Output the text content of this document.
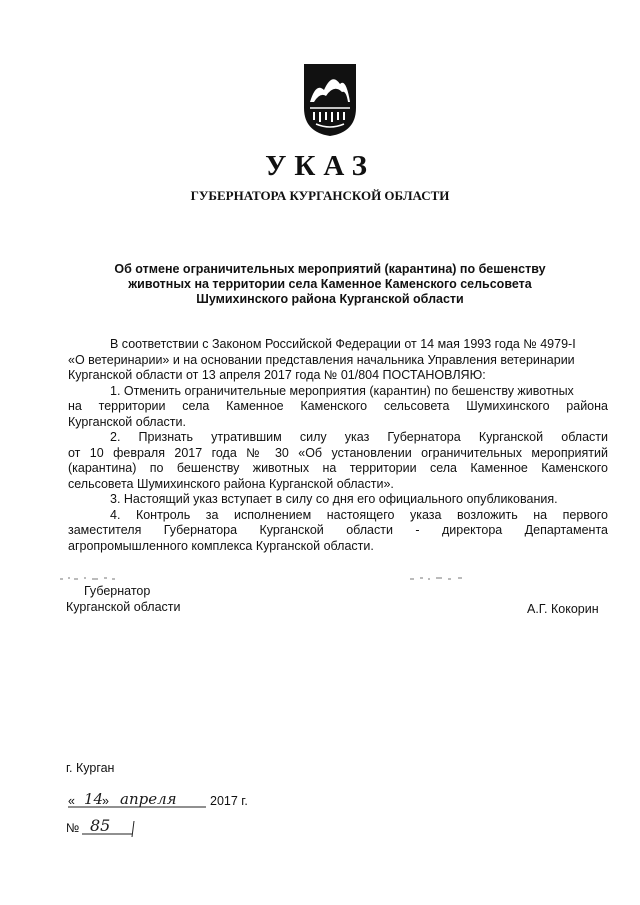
УКАЗ
ГУБЕРНАТОРА КУРГАНСКОЙ ОБЛАСТИ
Об отмене ограничительных мероприятий (карантина) по бешенству
животных на территории села Каменное Каменского сельсовета
Шумихинского района Курганской области
В соответствии с Законом Российской Федерации от 14 мая 1993 года № 4979-I
«О ветеринарии» и на основании представления начальника Управления ветеринарии
Курганской области от 13 апреля 2017 года № 01/804 ПОСТАНОВЛЯЮ:
1. Отменить ограничительные мероприятия (карантин) по бешенству животных
на территории села Каменное Каменского сельсовета Шумихинского района
Курганской области.
2. Признать утратившим силу указ Губернатора Курганской области
от 10 февраля 2017 года № 30 «Об установлении ограничительных мероприятий
(карантина) по бешенству животных на территории села Каменное Каменского
сельсовета Шумихинского района Курганской области».
3. Настоящий указ вступает в силу со дня его официального опубликования.
4. Контроль за исполнением настоящего указа возложить на первого
заместителя Губернатора Курганской области - директора Департамента
агропромышленного комплекса Курганской области.
Губернатор
Курганской области	А.Г. Кокорин
г. Курган
« 14
» апреля	2017 г.
№ 85
